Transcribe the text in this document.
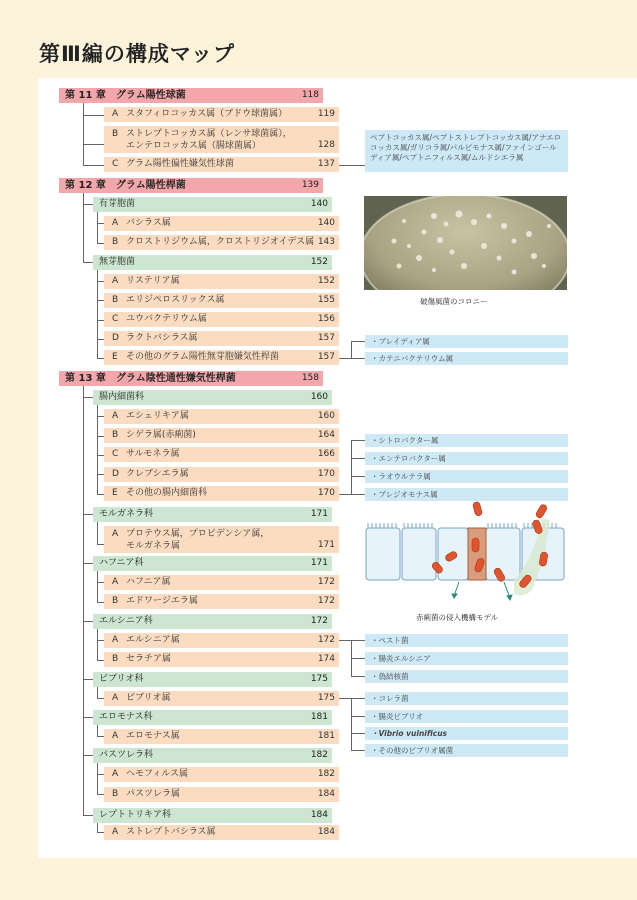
第Ⅲ編の構成マップ
第 11 章　グラム陽性球菌	118
A スタフィロコッカス属（ブドウ球菌属）	119
B ストレプトコッカス属（レンサ球菌属），
エンテロコッカス属（腸球菌属）	128
C グラム陽性偏性嫌気性球菌	137
第 12 章　グラム陽性桿菌	139
有芽胞菌	140
A バシラス属	140
B クロストリジウム属，クロストリジオイデス属 143
無芽胞菌	152
A リステリア属	152
B エリジペロスリックス属	155
C ユウバクテリウム属	156
D ラクトバシラス属	157
E その他のグラム陽性無芽胞嫌気性桿菌	157
第 13 章　グラム陰性通性嫌気性桿菌	158
腸内細菌科	160
A エシェリキア属	160
B シゲラ属(赤痢菌)	164
C サルモネラ属	166
D クレブシエラ属	170
E その他の腸内細菌科	170
モルガネラ科	171
A プロテウス属，プロビデンシア属，
モルガネラ属	171
ハフニア科	171
A ハフニア属	172
B エドワージエラ属	172
エルシニア科	172
A エルシニア属	172
B セラチア属	174
ビブリオ科	175
A ビブリオ属	175
エロモナス科	181
A エロモナス属	181
パスツレラ科	182
A ヘモフィルス属	182
B パスツレラ属	184
レプトトリキア科	184
A ストレプトバシラス属	184
ペプトコッカス属/ペプトストレプトコッカス属/アナエロコッカス属/ガリコラ属/パルビモナス属/ファインゴールディア属/ペプトニフィルス属/ムルドシエラ属
・ブレイディア属
・カテニバクテリウム属
・シトロバクター属
・エンテロバクター属
・ラオウルテラ属
・プレジオモナス属
・ペスト菌
・腸炎エルシニア
・偽結核菌
・コレラ菌
・腸炎ビブリオ
・Vibrio vulnificus
・その他のビブリオ属菌
破傷風菌のコロニー
赤痢菌の侵入機構モデル
